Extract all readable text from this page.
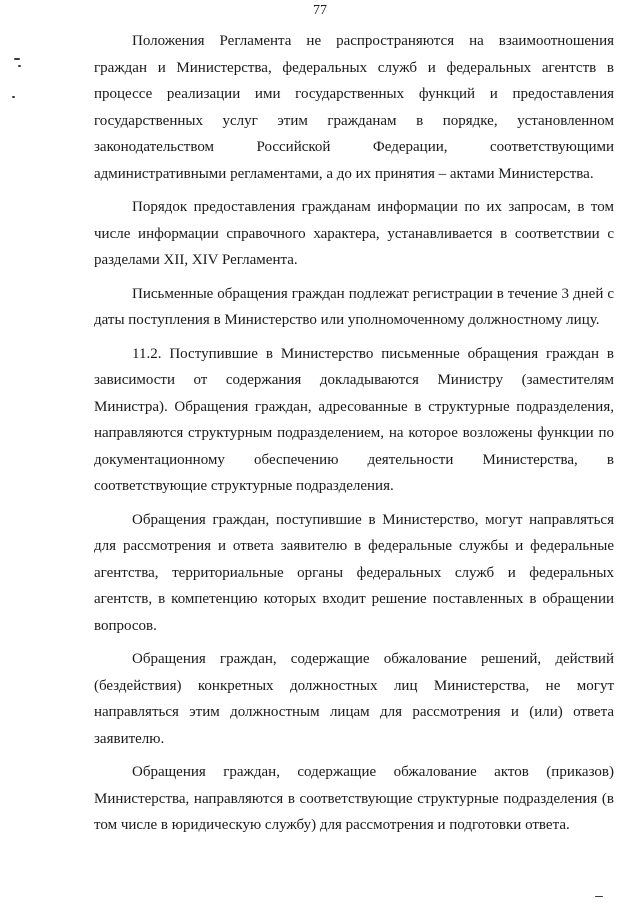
77

Положения Регламента не распространяются на взаимоотношения граждан и Министерства, федеральных служб и федеральных агентств в процессе реализации ими государственных функций и предоставления государственных услуг этим гражданам в порядке, установленном законодательством Российской Федерации, соответствующими административными регламентами, а до их принятия – актами Министерства.

Порядок предоставления гражданам информации по их запросам, в том числе информации справочного характера, устанавливается в соответствии с разделами XII, XIV Регламента.

Письменные обращения граждан подлежат регистрации в течение 3 дней с даты поступления в Министерство или уполномоченному должностному лицу.

11.2. Поступившие в Министерство письменные обращения граждан в зависимости от содержания докладываются Министру (заместителям Министра). Обращения граждан, адресованные в структурные подразделения, направляются структурным подразделением, на которое возложены функции по документационному обеспечению деятельности Министерства, в соответствующие структурные подразделения.

Обращения граждан, поступившие в Министерство, могут направляться для рассмотрения и ответа заявителю в федеральные службы и федеральные агентства, территориальные органы федеральных служб и федеральных агентств, в компетенцию которых входит решение поставленных в обращении вопросов.

Обращения граждан, содержащие обжалование решений, действий (бездействия) конкретных должностных лиц Министерства, не могут направляться этим должностным лицам для рассмотрения и (или) ответа заявителю.

Обращения граждан, содержащие обжалование актов (приказов) Министерства, направляются в соответствующие структурные подразделения (в том числе в юридическую службу) для рассмотрения и подготовки ответа.
